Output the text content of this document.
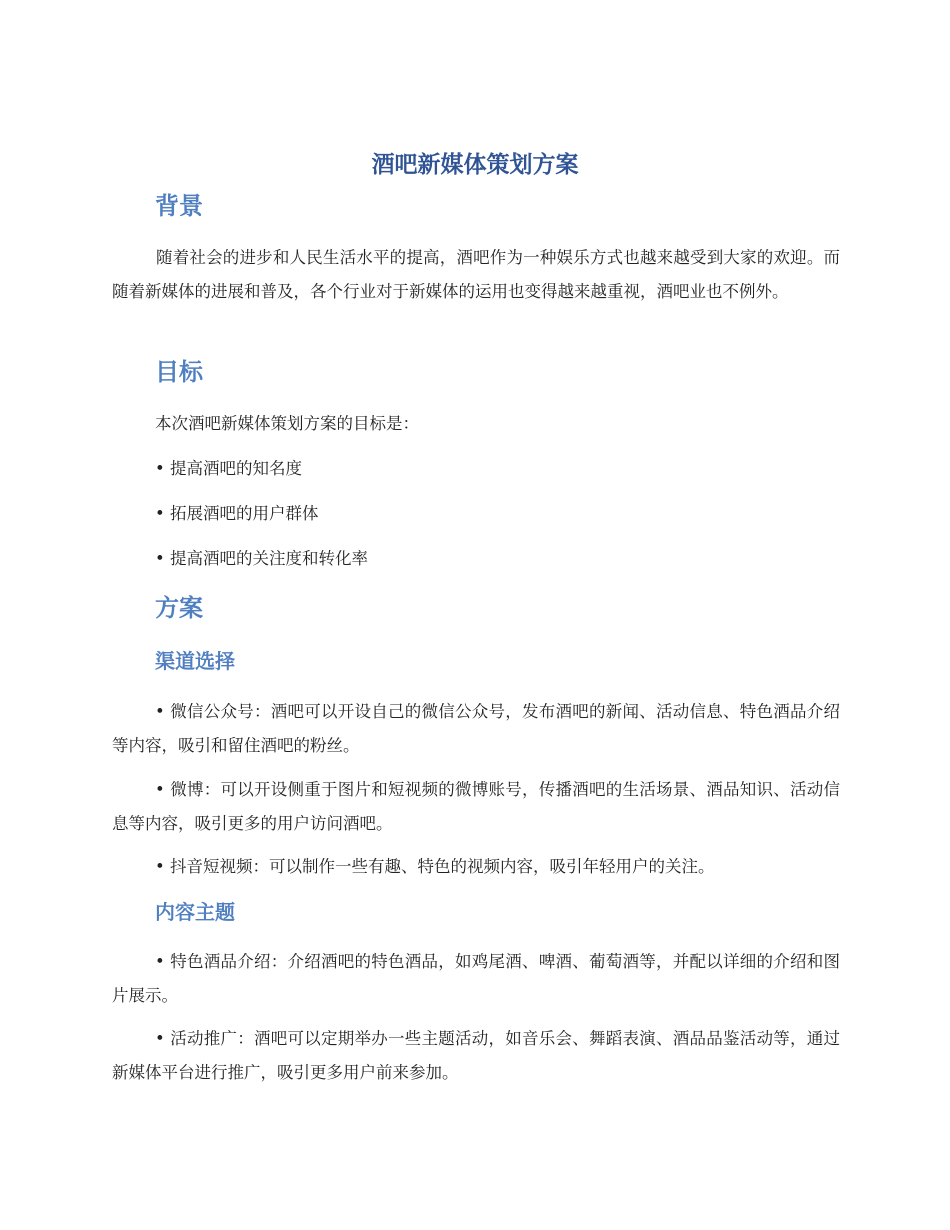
酒吧新媒体策划方案
背景

随着社会的进步和人民生活水平的提高，酒吧作为一种娱乐方式也越来越受到大家的欢迎。而随着新媒体的进展和普及，各个行业对于新媒体的运用也变得越来越重视，酒吧业也不例外。

目标

本次酒吧新媒体策划方案的目标是：

• 提高酒吧的知名度

• 拓展酒吧的用户群体

• 提高酒吧的关注度和转化率

方案
渠道选择

• 微信公众号：酒吧可以开设自己的微信公众号，发布酒吧的新闻、活动信息、特色酒品介绍等内容，吸引和留住酒吧的粉丝。

• 微博：可以开设侧重于图片和短视频的微博账号，传播酒吧的生活场景、酒品知识、活动信息等内容，吸引更多的用户访问酒吧。

• 抖音短视频：可以制作一些有趣、特色的视频内容，吸引年轻用户的关注。

内容主题

• 特色酒品介绍：介绍酒吧的特色酒品，如鸡尾酒、啤酒、葡萄酒等，并配以详细的介绍和图片展示。

• 活动推广：酒吧可以定期举办一些主题活动，如音乐会、舞蹈表演、酒品品鉴活动等，通过新媒体平台进行推广，吸引更多用户前来参加。
